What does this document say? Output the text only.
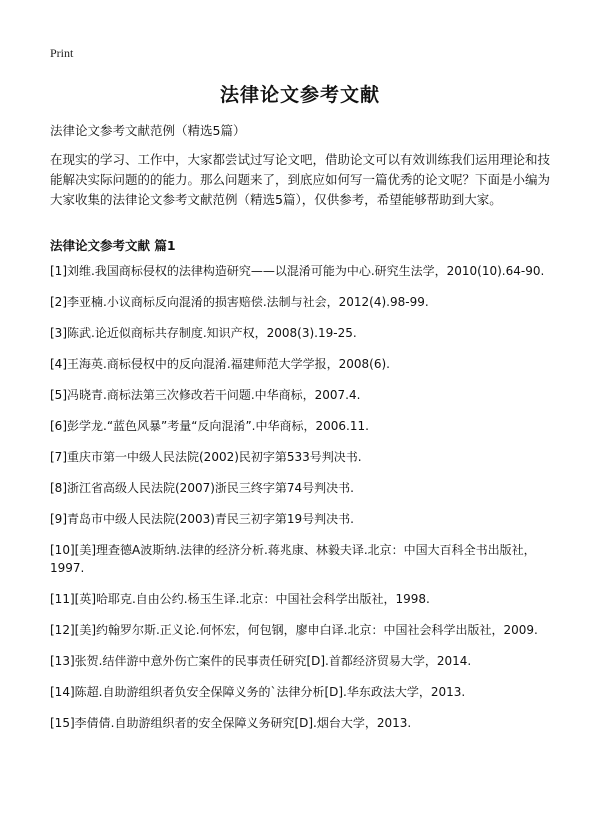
Print
法律论文参考文献

法律论文参考文献范例（精选5篇）

在现实的学习、工作中，大家都尝试过写论文吧，借助论文可以有效训练我们运用理论和技能解决实际问题的的能力。那么问题来了，到底应如何写一篇优秀的论文呢？下面是小编为大家收集的法律论文参考文献范例（精选5篇），仅供参考，希望能够帮助到大家。

法律论文参考文献 篇1
[1]刘维.我国商标侵权的法律构造研究——以混淆可能为中心.研究生法学，2010(10).64-90.
[2]李亚楠.小议商标反向混淆的损害赔偿.法制与社会，2012(4).98-99.
[3]陈武.论近似商标共存制度.知识产权，2008(3).19-25.
[4]王海英.商标侵权中的反向混淆.福建师范大学学报，2008(6).
[5]冯晓青.商标法第三次修改若干问题.中华商标，2007.4.
[6]彭学龙.“蓝色风暴”考量“反向混淆”.中华商标，2006.11.
[7]重庆市第一中级人民法院(2002)民初字第533号判决书.
[8]浙江省高级人民法院(2007)浙民三终字第74号判决书.
[9]青岛市中级人民法院(2003)青民三初字第19号判决书.
[10][美]理查德A波斯纳.法律的经济分析.蒋兆康、林毅夫译.北京：中国大百科全书出版社，1997.
[11][英]哈耶克.自由公约.杨玉生译.北京：中国社会科学出版社，1998.
[12][美]约翰罗尔斯.正义论.何怀宏，何包钢，廖申白译.北京：中国社会科学出版社，2009.
[13]张贺.结伴游中意外伤亡案件的民事责任研究[D].首都经济贸易大学，2014.
[14]陈超.自助游组织者负安全保障义务的`法律分析[D].华东政法大学，2013.
[15]李倩倩.自助游组织者的安全保障义务研究[D].烟台大学，2013.
